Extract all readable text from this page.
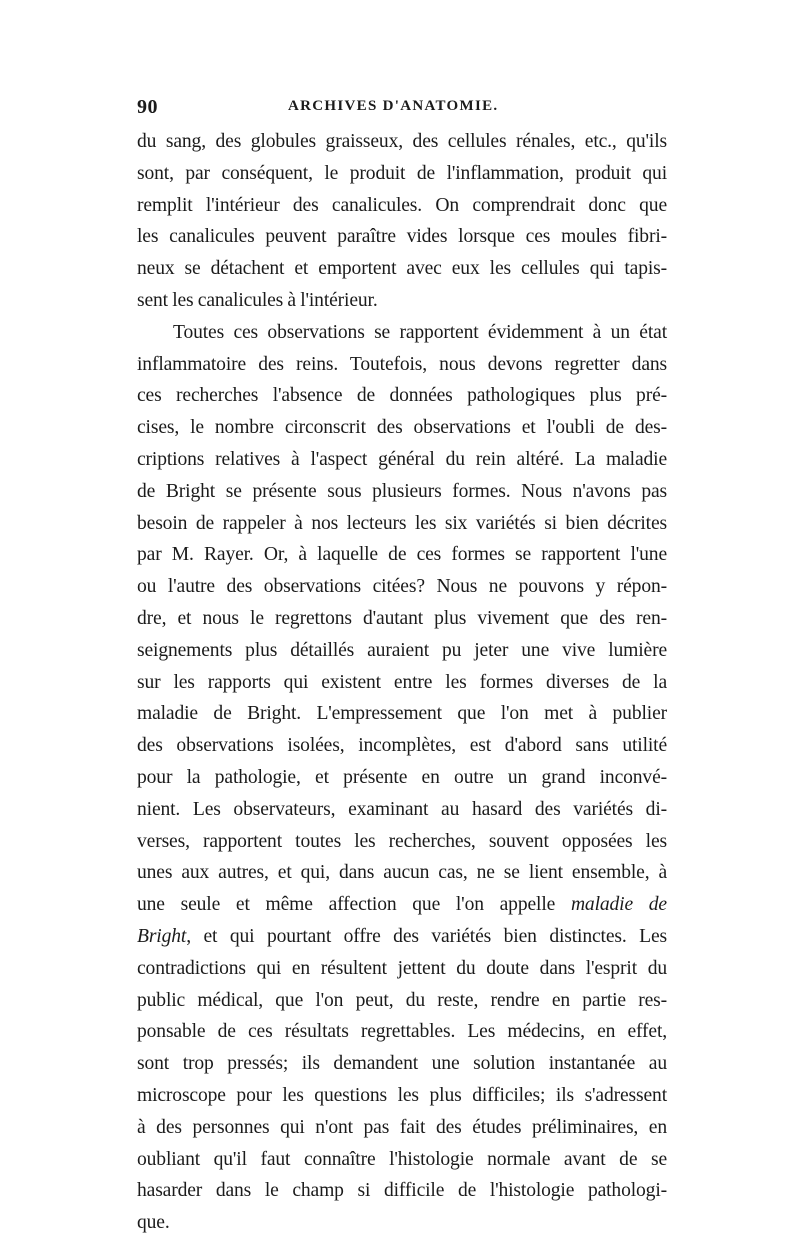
90	ARCHIVES D'ANATOMIE.

du sang, des globules graisseux, des cellules rénales, etc., qu'ils
sont, par conséquent, le produit de l'inflammation, produit qui
remplit l'intérieur des canalicules. On comprendrait donc que
les canalicules peuvent paraître vides lorsque ces moules fibri-
neux se détachent et emportent avec eux les cellules qui tapis-
sent les canalicules à l'intérieur.

Toutes ces observations se rapportent évidemment à un état
inflammatoire des reins. Toutefois, nous devons regretter dans
ces recherches l'absence de données pathologiques plus pré-
cises, le nombre circonscrit des observations et l'oubli de des-
criptions relatives à l'aspect général du rein altéré. La maladie
de Bright se présente sous plusieurs formes. Nous n'avons pas
besoin de rappeler à nos lecteurs les six variétés si bien décrites
par M. Rayer. Or, à laquelle de ces formes se rapportent l'une
ou l'autre des observations citées? Nous ne pouvons y répon-
dre, et nous le regrettons d'autant plus vivement que des ren-
seignements plus détaillés auraient pu jeter une vive lumière
sur les rapports qui existent entre les formes diverses de la
maladie de Bright. L'empressement que l'on met à publier
des observations isolées, incomplètes, est d'abord sans utilité
pour la pathologie, et présente en outre un grand inconvé-
nient. Les observateurs, examinant au hasard des variétés di-
verses, rapportent toutes les recherches, souvent opposées les
unes aux autres, et qui, dans aucun cas, ne se lient ensemble, à
une seule et même affection que l'on appelle maladie de
Bright, et qui pourtant offre des variétés bien distinctes. Les
contradictions qui en résultent jettent du doute dans l'esprit du
public médical, que l'on peut, du reste, rendre en partie res-
ponsable de ces résultats regrettables. Les médecins, en effet,
sont trop pressés; ils demandent une solution instantanée au
microscope pour les questions les plus difficiles; ils s'adressent
à des personnes qui n'ont pas fait des études préliminaires, en
oubliant qu'il faut connaître l'histologie normale avant de se
hasarder dans le champ si difficile de l'histologie pathologi-
que.
